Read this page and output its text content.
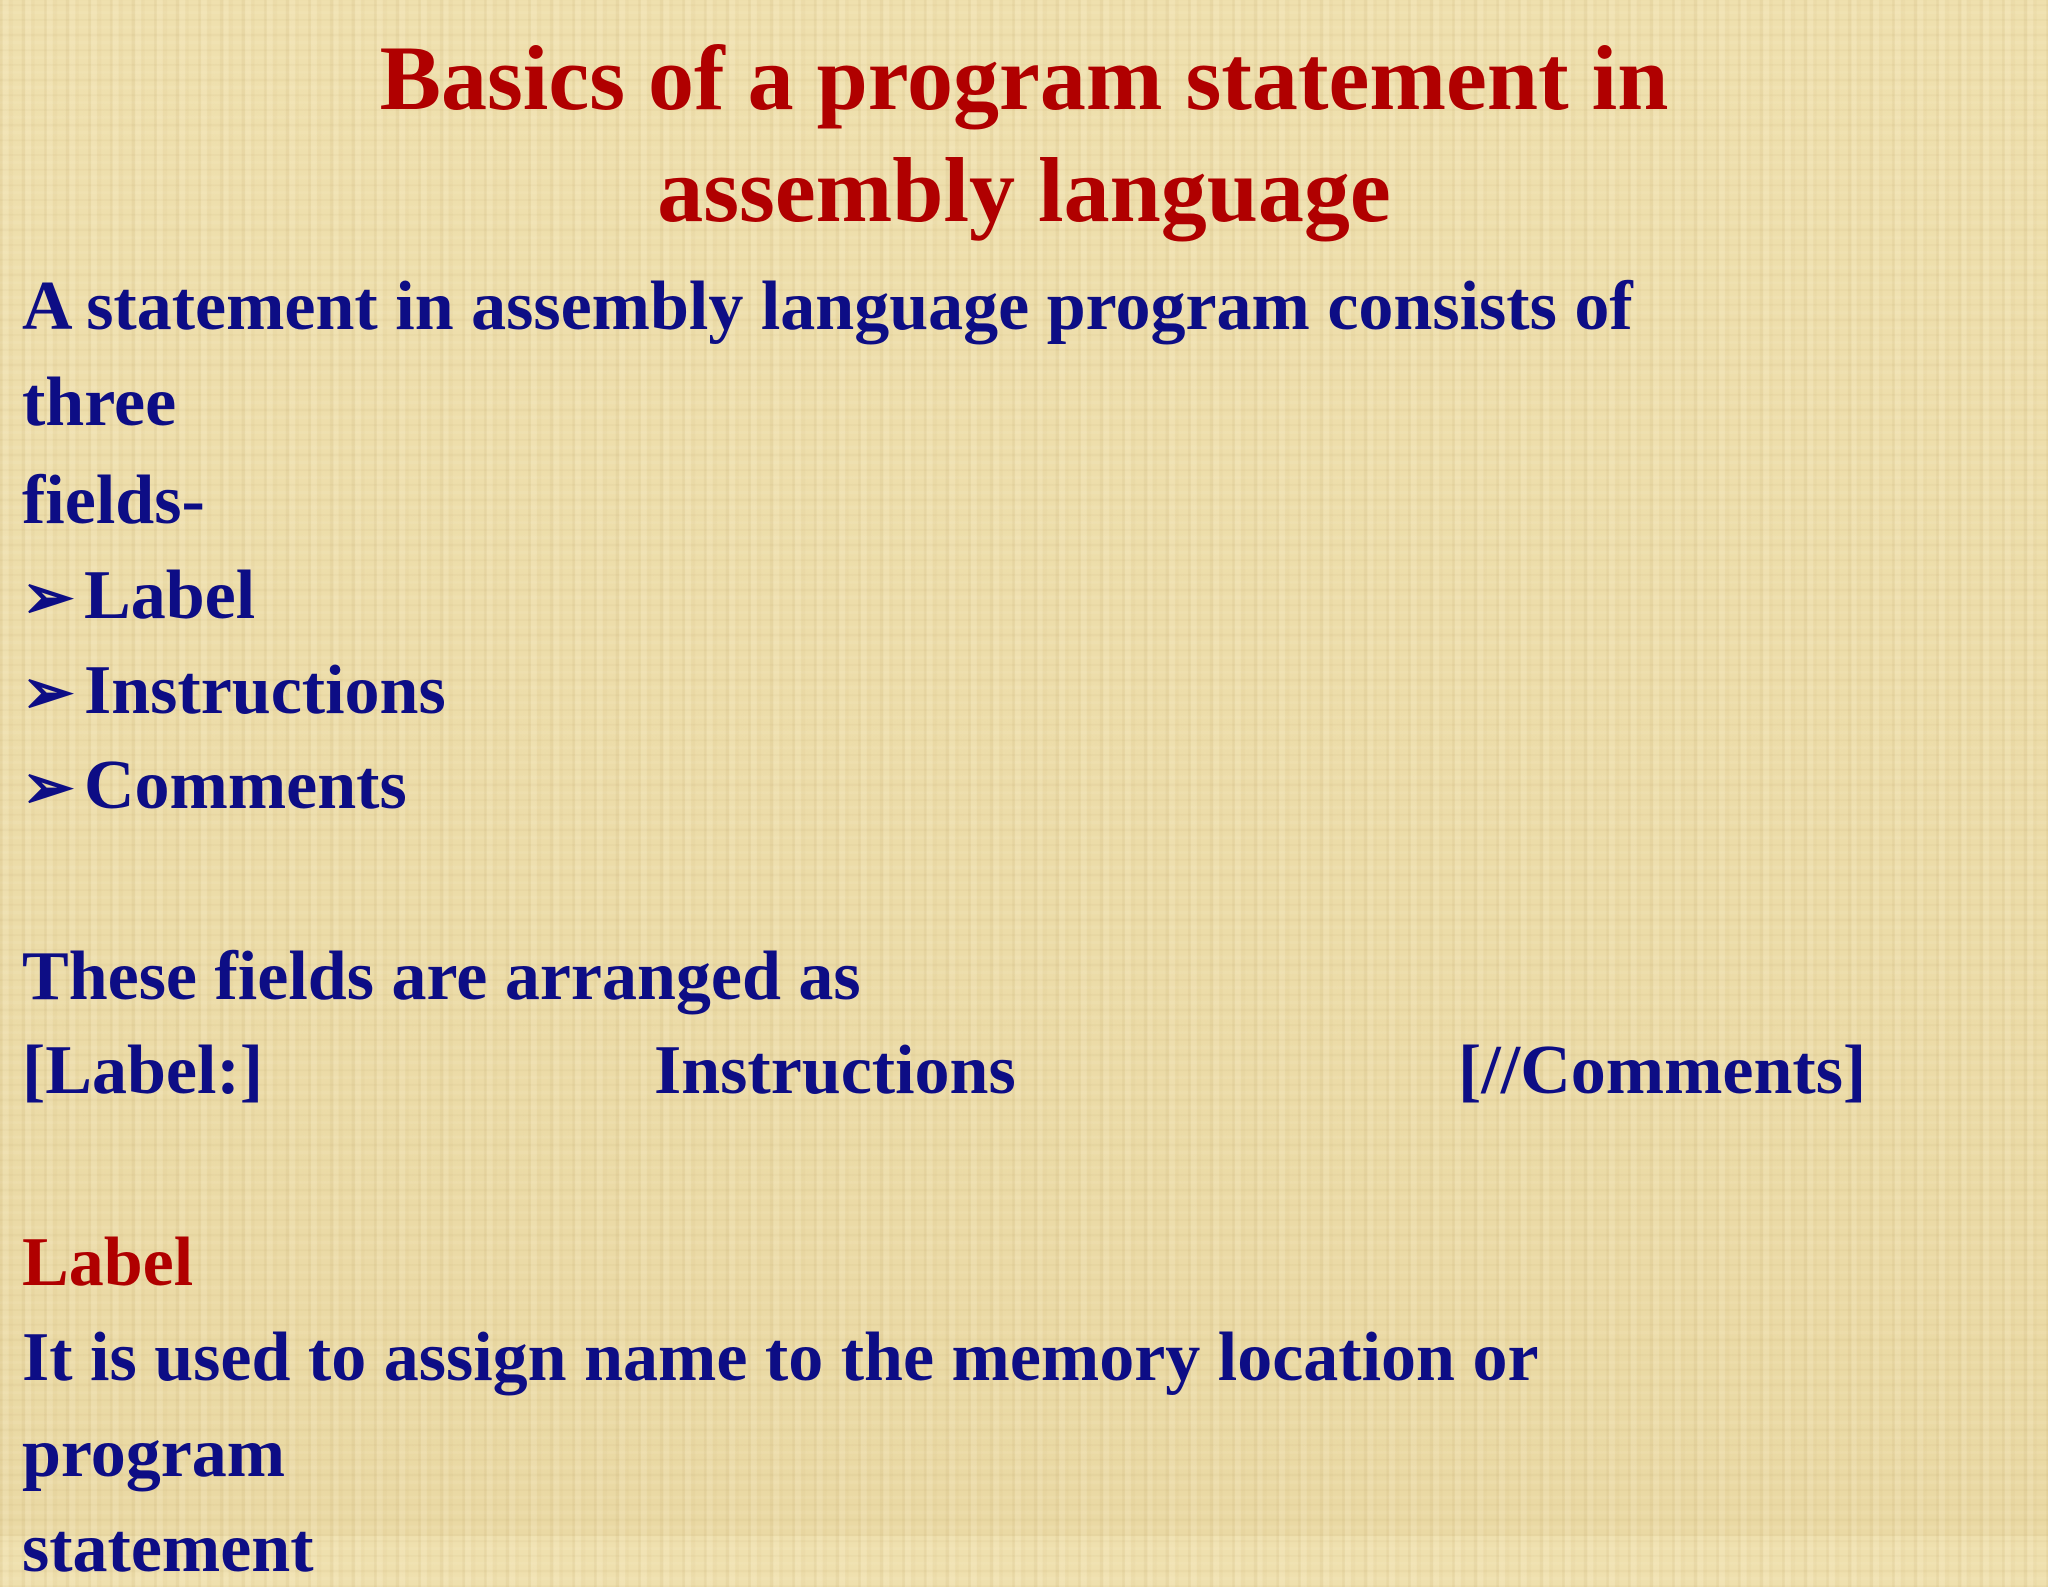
Basics of a program statement in
assembly language
A statement in assembly language program consists of
three
fields-
➢ Label
➢ Instructions
➢ Comments
These fields are arranged as
[Label:]	Instructions	[//Comments]
Label
It is used to assign name to the memory location or
program
statement
